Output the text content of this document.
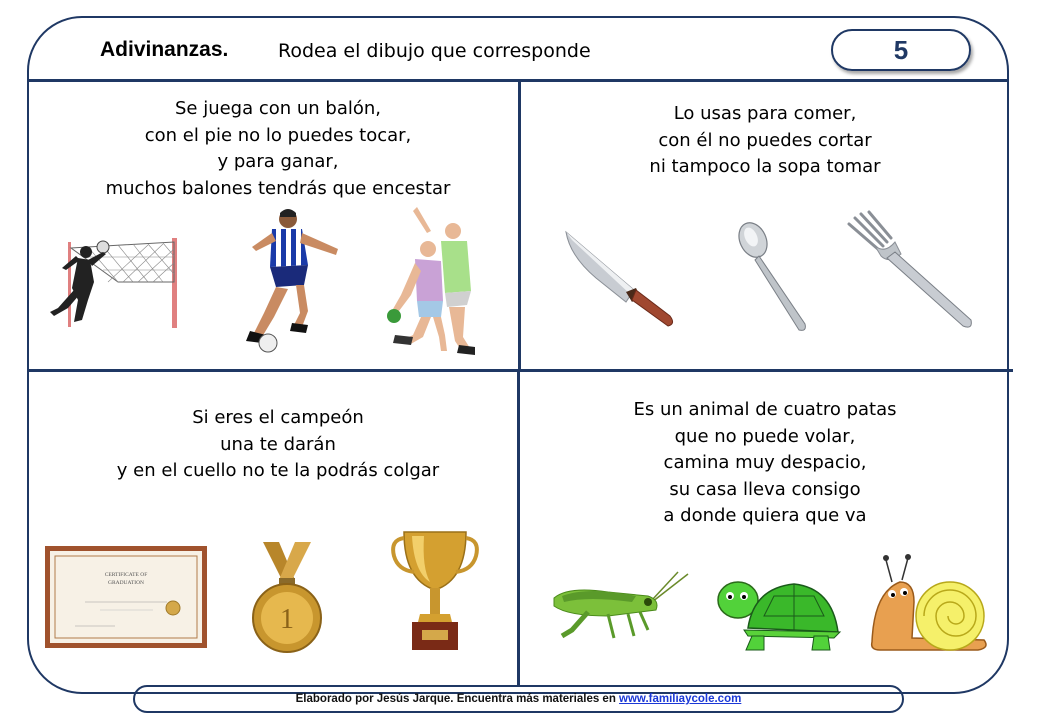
Adivinanzas.	Rodea el dibujo que corresponde	5
Se juega con un balón,
con el pie no lo puedes tocar,
y para ganar,
muchos balones tendrás que encestar
Lo usas para comer,
con él no puedes cortar
ni tampoco la sopa tomar
Si eres el campeón
una te darán
y en el cuello no te la podrás colgar
CERTIFICATE OF
GRADUATION
1
Es un animal de cuatro patas
que no puede volar,
camina muy despacio,
su casa lleva consigo
a donde quiera que va
Elaborado por Jesús Jarque. Encuentra más materiales en www.familiaycole.com
